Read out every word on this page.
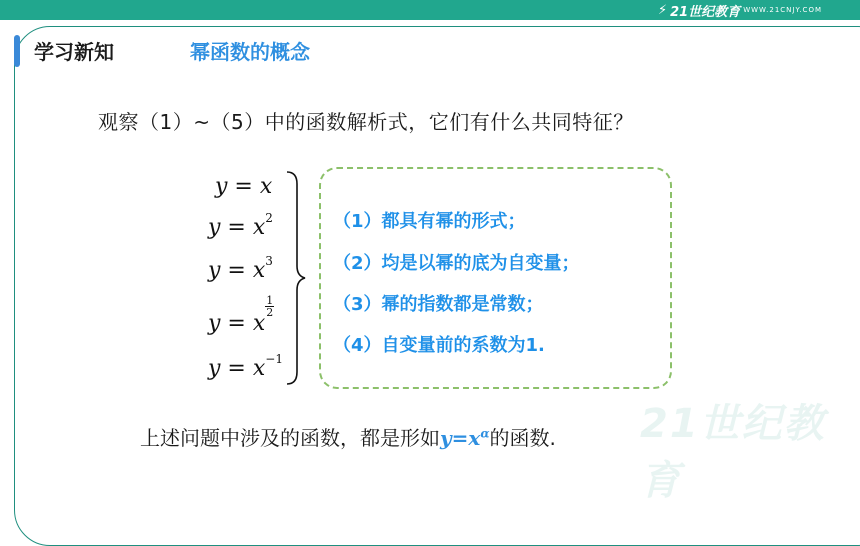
⚡ 21世纪教育 WWW.21CNJY.COM
学习新知	幂函数的概念
观察（1）~（5）中的函数解析式，它们有什么共同特征？
y = x
$y = x^2$
$y = x^3$
y = x
$\frac{1}{2}$
$y = x^{-1}$
（1）都具有幂的形式；
（2）均是以幂的底为自变量；
（3）幂的指数都是常数；
（4）自变量前的系数为1.
21世纪教育
上述问题中涉及的函数，都是形如$y=x^\alpha$的函数.
